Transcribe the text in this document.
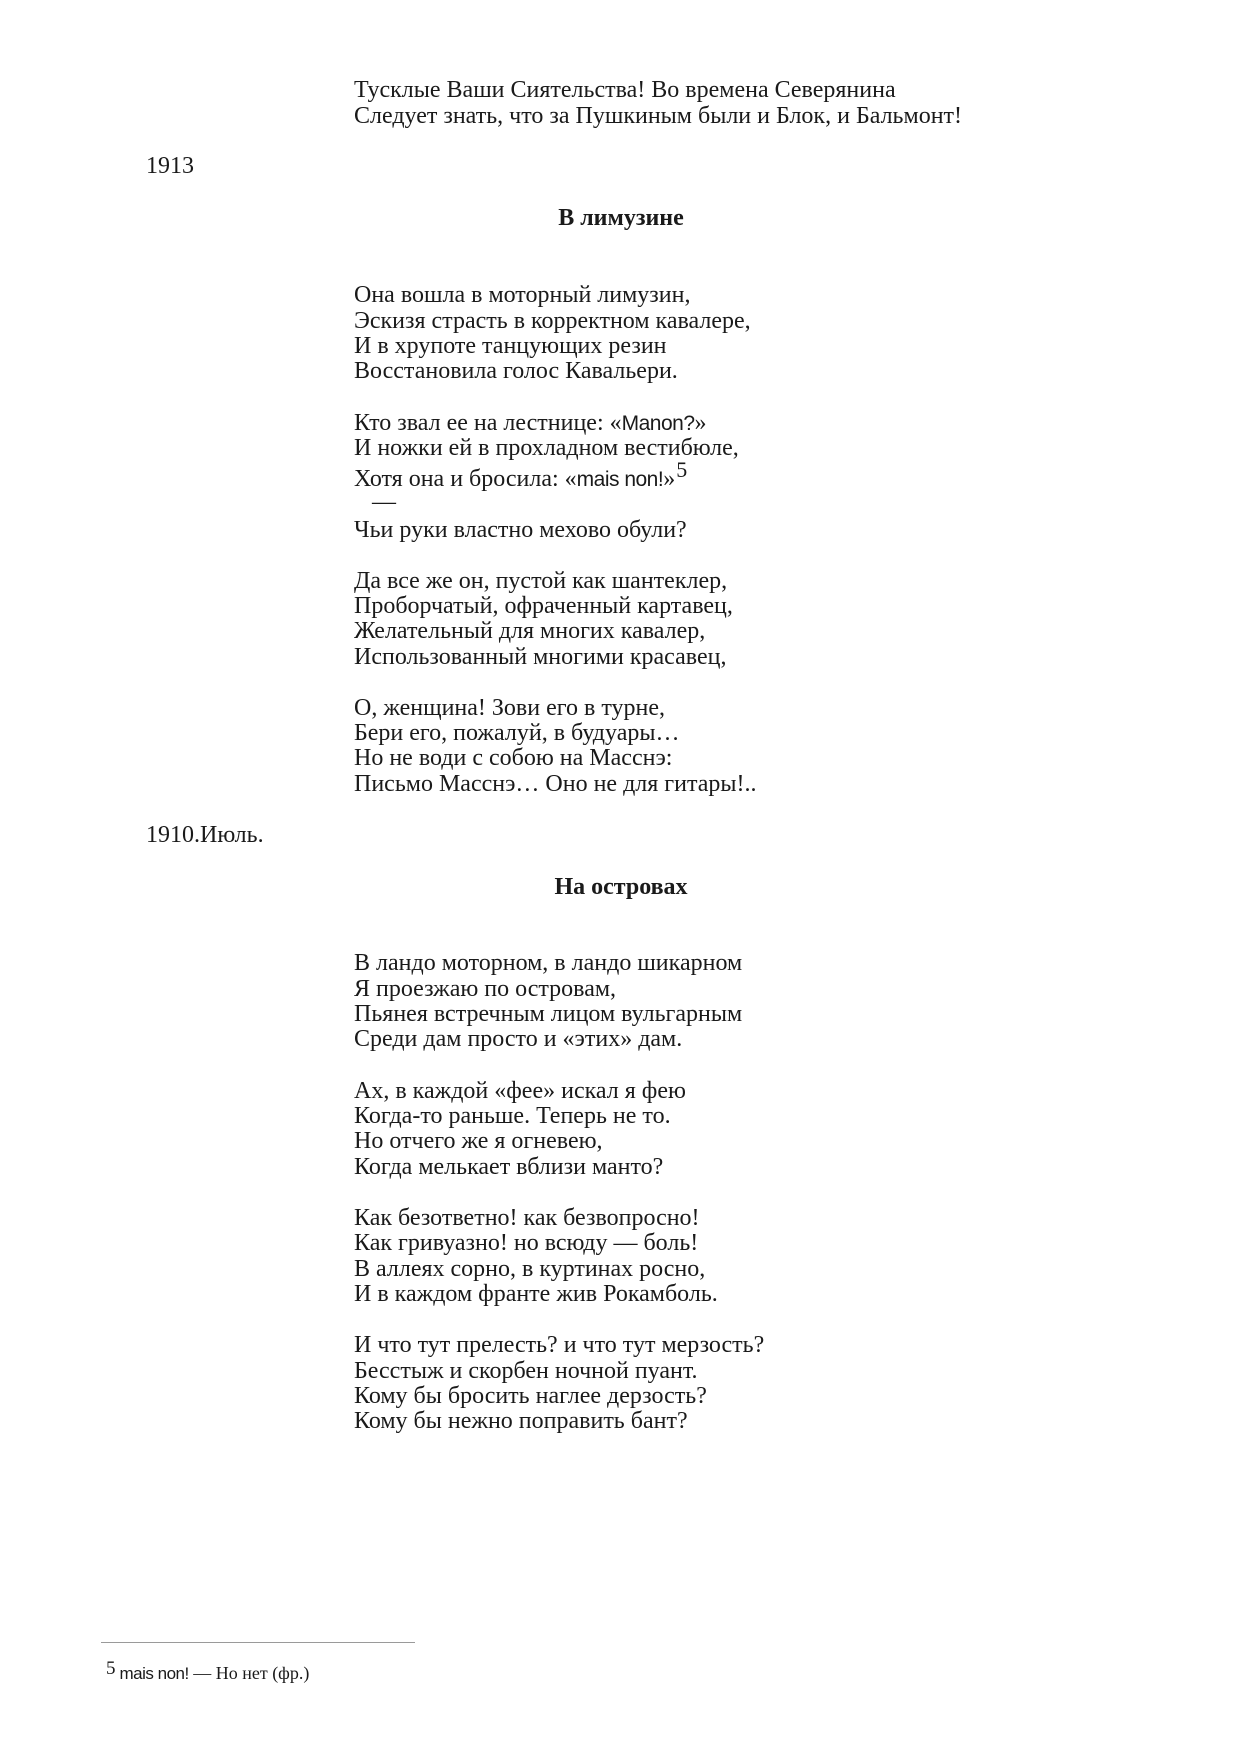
Тусклые Ваши Сиятельства! Во времена Северянина
Следует знать, что за Пушкиным были и Блок, и Бальмонт!
1913
В лимузине
Она вошла в моторный лимузин,
Эскизя страсть в корректном кавалере,
И в хрупоте танцующих резин
Восстановила голос Кавальери.
Кто звал ее на лестнице: «Manon?»
И ножки ей в прохладном вестибюле,
Хотя она и бросила: «mais non!»5
—
Чьи руки властно мехово обули?
Да все же он, пустой как шантеклер,
Проборчатый, офраченный картавец,
Желательный для многих кавалер,
Использованный многими красавец,
О, женщина! Зови его в турне,
Бери его, пожалуй, в будуары…
Но не води с собою на Масснэ:
Письмо Масснэ… Оно не для гитары!..
1910.Июль.
На островах
В ландо моторном, в ландо шикарном
Я проезжаю по островам,
Пьянея встречным лицом вульгарным
Среди дам просто и «этих» дам.
Ах, в каждой «фее» искал я фею
Когда-то раньше. Теперь не то.
Но отчего же я огневею,
Когда мелькает вблизи манто?
Как безответно! как безвопросно!
Как гривуазно! но всюду — боль!
В аллеях сорно, в куртинах росно,
И в каждом франте жив Рокамболь.
И что тут прелесть? и что тут мерзость?
Бесстыж и скорбен ночной пуант.
Кому бы бросить наглее дерзость?
Кому бы нежно поправить бант?
5 mais non! — Но нет (фр.)
